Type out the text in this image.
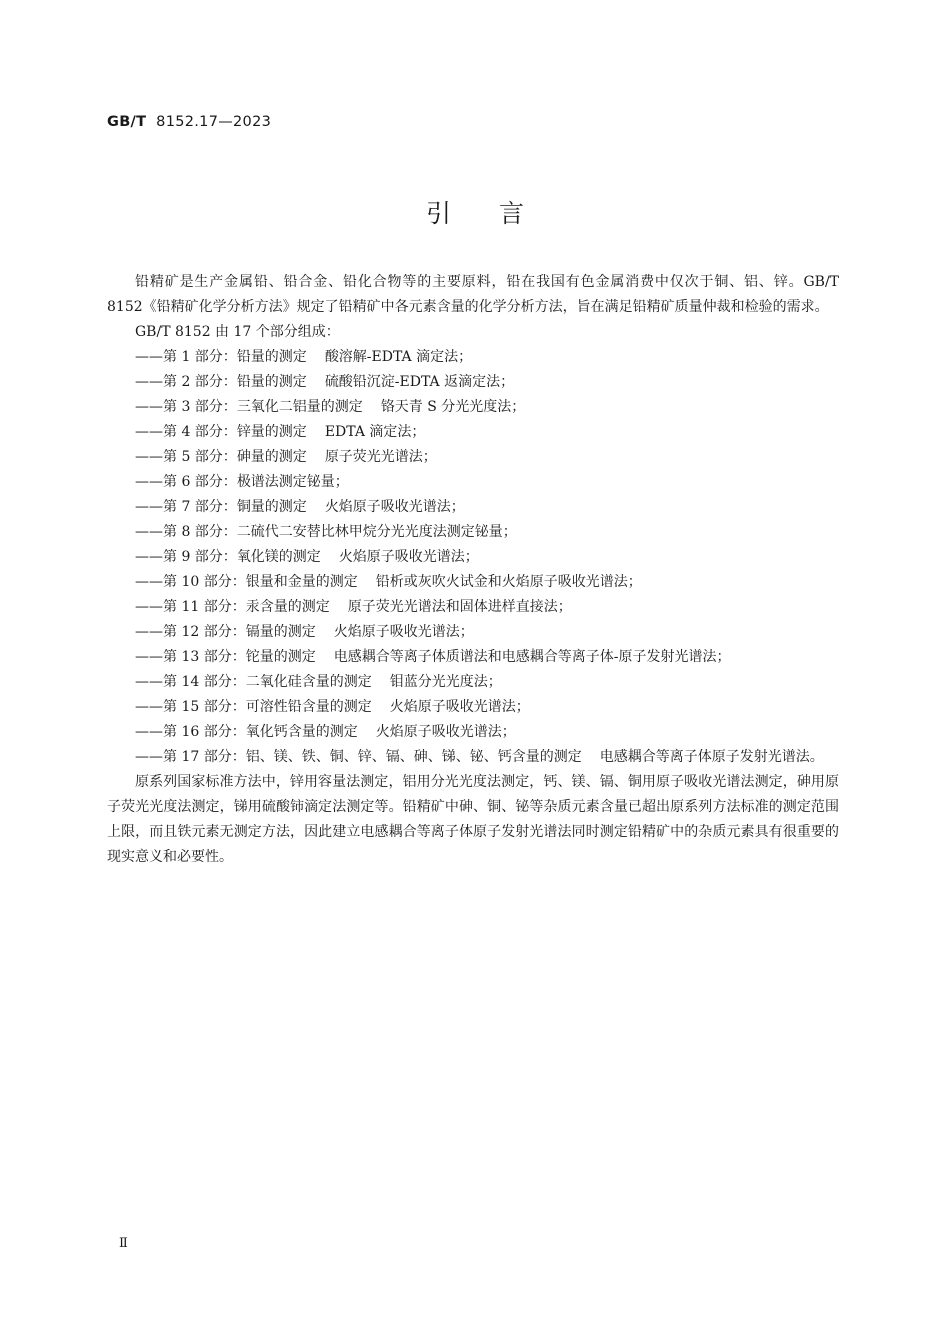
GB/T 8152.17—2023
引言

铅精矿是生产金属铅、铅合金、铅化合物等的主要原料，铅在我国有色金属消费中仅次于铜、铝、锌。GB/T 8152《铅精矿化学分析方法》规定了铅精矿中各元素含量的化学分析方法，旨在满足铅精矿质量仲裁和检验的需求。

GB/T 8152 由 17 个部分组成：

——第 1 部分：铅量的测定 酸溶解-EDTA 滴定法；
——第 2 部分：铅量的测定 硫酸铅沉淀-EDTA 返滴定法；
——第 3 部分：三氧化二铝量的测定 铬天青 S 分光光度法；
——第 4 部分：锌量的测定 EDTA 滴定法；
——第 5 部分：砷量的测定 原子荧光光谱法；
——第 6 部分：极谱法测定铋量；
——第 7 部分：铜量的测定 火焰原子吸收光谱法；
——第 8 部分：二硫代二安替比林甲烷分光光度法测定铋量；
——第 9 部分：氧化镁的测定 火焰原子吸收光谱法；
——第 10 部分：银量和金量的测定 铅析或灰吹火试金和火焰原子吸收光谱法；
——第 11 部分：汞含量的测定 原子荧光光谱法和固体进样直接法；
——第 12 部分：镉量的测定 火焰原子吸收光谱法；
——第 13 部分：铊量的测定 电感耦合等离子体质谱法和电感耦合等离子体-原子发射光谱法；
——第 14 部分：二氧化硅含量的测定 钼蓝分光光度法；
——第 15 部分：可溶性铅含量的测定 火焰原子吸收光谱法；
——第 16 部分：氧化钙含量的测定 火焰原子吸收光谱法；
——第 17 部分：铝、镁、铁、铜、锌、镉、砷、锑、铋、钙含量的测定 电感耦合等离子体原子发射光谱法。

原系列国家标准方法中，锌用容量法测定，铝用分光光度法测定，钙、镁、镉、铜用原子吸收光谱法测定，砷用原子荧光光度法测定，锑用硫酸铈滴定法测定等。铅精矿中砷、铜、铋等杂质元素含量已超出原系列方法标准的测定范围上限，而且铁元素无测定方法，因此建立电感耦合等离子体原子发射光谱法同时测定铅精矿中的杂质元素具有很重要的现实意义和必要性。

Ⅱ
